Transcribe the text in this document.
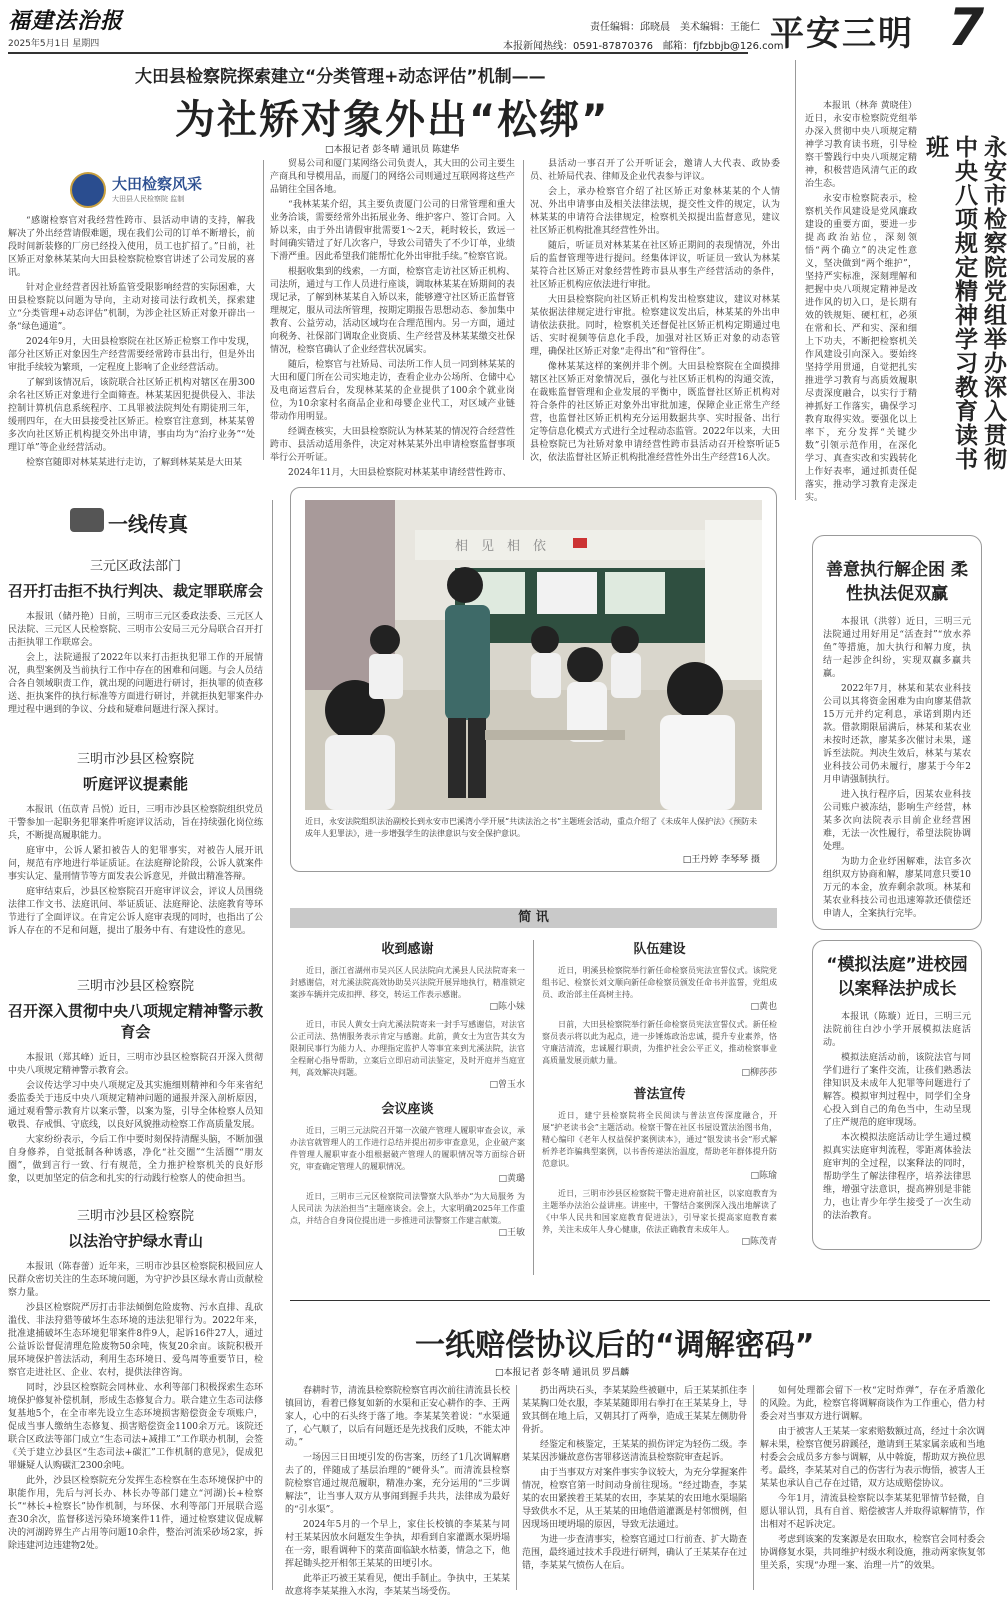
福建法治报
2025年5月1日 星期四
责任编辑：邱晓晨　美术编辑：王能仁
本报新闻热线：0591-87870376　邮箱：fjfzbbjb@126.com
平安三明 7
大田县检察院探索建立“分类管理+动态评估”机制——
为社矫对象外出“松绑”
□本报记者 彭冬晴 通讯员 陈建华
大田检察风采
大田县人民检察院 监制

“感谢检察官对我经营性跨市、县活动申请的支持，解我解决了外出经营请假难题，现在我们公司的订单不断增长，前段时间新装修的厂房已经投入使用，员工也扩招了。”日前，社区矫正对象林某某向大田县检察院检察官讲述了公司发展的喜讯。

针对企业经营者因社矫监管受限影响经营的实际困难，大田县检察院以问题为导向，主动对接司法行政机关，探索建立“分类管理+动态评估”机制，为涉企社区矫正对象开辟出一条“绿色通道”。

2024年9月，大田县检察院在社区矫正检察工作中发现，部分社区矫正对象因生产经营需要经常跨市县出行，但是外出审批手续较为繁琐，一定程度上影响了企业经营活动。

了解到该情况后，该院联合社区矫正机构对辖区在册300余名社区矫正对象进行全面筛查。林某某因犯提供侵入、非法控制计算机信息系统程序、工具罪被法院判处有期徒刑三年，缓刑四年，在大田县接受社区矫正。检察官注意到，林某某曾多次向社区矫正机构提交外出申请，事由均为“治疗业务”“处理订单”等企业经营活动。

检察官随即对林某某进行走访，了解到林某某是大田某

贸易公司和厦门某网络公司负责人，其大田的公司主要生产商具和导模用品，而厦门的网络公司则通过互联网将这些产品销往全国各地。

“我林某某介绍，其主要负责厦门公司的日常管理和重大业务洽谈，需要经常外出拓展业务、维护客户、签订合同。入矫以来，由于外出请假审批需要1～2天，耗时较长，致远一时间确实错过了好几次客户，导致公司错失了不少订单，业绩下滑严重。因此希望我们能帮忙化外出审批手续。”检察官说。

根据收集到的线索，一方面，检察官走访社区矫正机构、司法所，通过与工作人员进行座谈，调取林某某在矫期间的表现记录，了解到林某某自入矫以来，能够遵守社区矫正监督管理规定，服从司法所管理，按期定期报告思想动态、参加集中教育、公益劳动，活动区域均在合理范围内。另一方面，通过向税务、社保部门调取企业资质、生产经营及林某某缴交社保情况，检察官确认了企业经营状况属实。

随后，检察官与社矫局、司法所工作人员一同到林某某的大田和厦门所在公司实地走访，查看企业办公场所、仓储中心及电商运营后台，发现林某某的企业提供了100余个就业岗位，为10余家村名商品企业和母婴企业代工，对区域产业链带动作用明显。

经调查核实，大田县检察院认为林某某的情况符合经营性跨市、县活动适用条件，决定对林某某外出申请检察监督事项举行公开听证。

2024年11月，大田县检察院对林某某申请经营性跨市、

县活动一事召开了公开听证会，邀请人大代表、政协委员、社矫局代表、律师及企业代表参与评议。

会上，承办检察官介绍了社区矫正对象林某某的个人情况、外出申请事由及相关法律法规，提交性文件的规定，认为林某某的申请符合法律规定，检察机关拟提出监督意见，建议社区矫正机构批准其经营性外出。

随后，听证员对林某某在社区矫正期间的表现情况，外出后的监督管理等进行提问。经集体评议，听证员一致认为林某某符合社区矫正对象经营性跨市县从事生产经营活动的条件，社区矫正机构应依法进行审批。

大田县检察院向社区矫正机构发出检察建议，建议对林某某依据法律规定进行审批。检察建议发出后，林某某的外出申请依法获批。同时，检察机关还督促社区矫正机构定期通过电话、实时视频等信息化手段，加强对社区矫正对象的动态管理，确保社区矫正对象“走得出”和“管得住”。

像林某某这样的案例并非个例。大田县检察院在全面摸排辖区社区矫正对象情况后，强化与社区矫正机构的沟通交流，在裁账监督管理和企业发展的平衡中，既监督社区矫正机构对符合条件的社区矫正对象外出审批加速，保障企业正常生产经营，也监督社区矫正机构充分运用数据共享、实时报备、出行定等信息化模式方式进行全过程动态监管。2022年以来，大田县检察院已为社矫对象申请经营性跨市县活动召开检察听证5次，依法监督社区矫正机构批准经营性外出生产经营16人次。

本报讯（林奔 黄晓佳）近日，永安市检察院党组举办深入贯彻中央八项规定精神学习教育读书班，引导检察干警践行中央八项规定精神，积极营造风清气正的政治生态。

永安市检察院表示，检察机关作风建设是党风廉政建设的重要方面，要进一步提高政治站位，深刻领悟“两个确立”的决定性意义，坚决做到“两个维护”，坚持严实标准，深刻理解和把握中央八项规定精神是改进作风的切入口，是长期有效的铁规矩、硬杠杠，必须在常和长、严和实、深和细上下功夫，不断把检察机关作风建设引向深入。要始终坚持学用贯通，自觉把扎实推进学习教育与高质效履职尽责深度融合，以实行于精神抓好工作落实，确保学习教育取得实效。要强化以上率下，充分发挥“关键少数”引领示范作用，在深化学习、真查实改和实践转化上作好表率，通过抓责任促落实，推动学习教育走深走实。

永安市检察院党组举办深入贯彻中央八项规定精神学习教育读书班
善意执行解企困 柔性执法促双赢

本报讯（洪蓉）近日，三明三元法院通过用好用足“活查封”“放水养鱼”等措施，加大执行和解力度，执结一起涉企纠纷，实现双赢多赢共赢。

2022年7月，林某和某农业科技公司以其将资金困难为由向廖某借款15万元并约定利息，承诺到期内还款。借款期限届满后，林某和某农业未按时还款，廖某多次催讨未果，遂诉至法院。判决生效后，林某与某农业科技公司仍未履行，廖某于今年2月申请强制执行。

进入执行程序后，因某农业科技公司账户被冻结，影响生产经营，林某多次向法院表示目前企业经营困难，无法一次性履行，希望法院协调处理。

为助力企业纾困解难，法官多次组织双方协商和解，廖某同意只要10万元的本金，放弃剩余款项。林某和某农业科技公司也迅速筹款还债偿还申请人，全案执行完毕。

“模拟法庭”进校园 以案释法护成长

本报讯（陈璇）近日，三明三元法院前往白沙小学开展模拟法庭活动。

模拟法庭活动前，该院法官与同学们进行了案件交流，让孩们熟悉法律知识及未成年人犯罪等问题进行了解答。模拟审判过程中，同学们全身心投入到自己的角色当中，生动呈现了庄严规范的庭审现场。

本次模拟法庭活动让学生通过模拟真实法庭审判流程，零距离体验法庭审判的全过程，以案释法的同时，帮助学生了解法律程序，培养法律思维，增强守法意识，提高辨别是非能力，也让青少年学生接受了一次生动的法治教育。

一线传真
三元区政法部门
召开打击拒不执行判决、裁定罪联席会

本报讯（储丹艳）日前，三明市三元区委政法委、三元区人民法院、三元区人民检察院、三明市公安局三元分局联合召开打击拒执罪工作联席会。

会上，法院通报了2022年以来打击拒执犯罪工作的开展情况，典型案例及当前执行工作中存在的困难和问题。与会人员结合各自领域职责工作，就出现的问题进行研讨，拒执罪的侦查移送、拒执案件的执行标准等方面进行研讨，并就拒执犯罪案件办理过程中遇到的争议、分歧和疑难问题进行深入探讨。

三明市沙县区检察院
听庭评议提素能

本报讯（伍苡青 吕悦）近日，三明市沙县区检察院组织党员干警参加一起职务犯罪案件听庭评议活动，旨在持续强化岗位练兵，不断提高履职能力。

庭审中，公诉人紧扣被告人的犯罪事实，对被告人展开讯问，规范有序地进行举证质证。在法庭辩论阶段，公诉人就案件事实认定、量刑情节等方面发表公诉意见，并做出精准答辩。

庭审结束后，沙县区检察院召开庭审评议会，评议人员围绕法律工作文书、法庭讯问、举证质证、法庭辩论、法庭教育等环节进行了全面评议。在肯定公诉人庭审表现的同时，也指出了公诉人存在的不足和问题，提出了服务中有、有建设性的意见。

三明市沙县区检察院
召开深入贯彻中央八项规定精神警示教育会

本报讯（郑其峰）近日，三明市沙县区检察院召开深入贯彻中央八项规定精神警示教育会。

会议传达学习中央八项规定及其实施细则精神和今年来省纪委监委关于违反中央八项规定精神问题的通报并深入剖析原因，通过观看警示教育片以案示警，以案为鉴，引导全体检察人员知敬畏、存戒惧、守底线，以良好风貌推动检察工作高质量发展。

大家纷纷表示，今后工作中要时刻保持清醒头脑，不断加强自身修养，自觉抵制各种诱惑，净化“社交圈”“生活圈”“朋友圈”，做到言行一致、行有规范，全力推护检察机关的良好形象，以更加坚定的信念和扎实的行动践行检察人的使命担当。

三明市沙县区检察院
以法治守护绿水青山

本报讯（陈春蕾）近年来，三明市沙县区检察院积极回应人民群众密切关注的生态环境问题，为守护沙县区绿水青山贡献检察力量。

沙县区检察院严厉打击非法倾倒危险废物、污水直排、乱砍滥伐、非法狩猎等破坏生态环境的违法犯罪行为。2022年来，批准逮捕破坏生态环境犯罪案件8件9人，起诉16件27人，通过公益诉讼督促清理危险废物50余吨，恢复20余亩。该院积极开展环境保护普法活动，利用生态环境日、爱鸟周等重要节日，检察官走进社区、企业、农村，提供法律咨询。

同时，沙县区检察院会同林业、水利等部门积极探索生态环境保护修复补偿机制，形成生态修复合力。联合建立生态司法修复基地5个，在全市率先设立生态环境损害赔偿资金专项账户，促成当事人缴纳生态修复、损害赔偿资金1100余万元。该院还联合区政法等部门成立“生态司法+减排工”工作联办机制，会签《关于建立沙县区“生态司法+碳汇”工作机制的意见》，促成犯罪嫌疑人认购碳汇2300余吨。

此外，沙县区检察院充分发挥生态检察在生态环境保护中的职能作用，先后与河长办、林长办等部门建立“河湖)长+检察长”“林长+检察长”协作机制，与环保、水利等部门开展联合巡查30余次，监督移送污染环境案件11件，通过检察建议促成解决的河湖跨界生产占用等问题10余件，整治河流采砂场2家，拆除违建河边违建物2处。

相　见　相　依
近日，永安法院组织法治副校长到永安市巴溪湾小学开展“共读法治之书”主题班会活动，重点介绍了《未成年人保护法》《预防未成年人犯罪法》，进一步增强学生的法律意识与安全保护意识。
□王丹婷 李琴琴 摄
简 讯
收到感谢

近日，浙江省湖州市吴兴区人民法院向尤溪县人民法院寄来一封感谢信，对尤溪法院高效协助吴兴法院开展异地执行，精准锁定案涉车辆并完成扣押、移交，转运工作表示感谢。

□陈小妹

近日，市民人黄女士向尤溪法院寄来一封手写感谢信，对法官公正司法、热情服务表示肯定与感谢。此前，黄女士为宣告其女为限制民事行为能力人、办理指定监护人等事宜来到尤溪法院，法官全程耐心指导帮助，立案后立即启动司法鉴定，及时开庭并当庭宣判，高效解决问题。

□曾玉水
会议座谈

近日，三明三元法院召开第一次破产管理人履职审查会议，承办法官就管理人的工作进行总结并提出初步审查意见，企业破产案件管理人履职审查小组根据破产管理人的履职情况等方面综合研究，审查确定管理人的履职情况。

□黄璐

近日，三明市三元区检察院司法警察大队举办“为大局服务 为人民司法 为法治担当”主题座谈会。会上，大家明确2025年工作重点，并结合自身岗位提出进一步推进司法警察工作建言献策。

□王敏
队伍建设

近日，明溪县检察院举行新任命检察员宪法宣誓仪式。该院党组书记、检察长刘文顺向新任命检察员颁发任命书并监誓，党组成员、政治部主任高树主持。

□黄也

日前，大田县检察院举行新任命检察员宪法宣誓仪式。新任检察员表示将以此为起点，进一步锤炼政治忠诚，提升专业素养，恪守廉洁清流，忠诚履行职责，为推护社会公平正义，推动检察事业高质量发展贡献力量。

□柳莎莎
普法宣传

近日，建宁县检察院将全民阅读与普法宣传深度融合，开展“护老读书会”主题活动。检察干警在社区书屋设置法治图书角，精心编印《老年人权益保护案例读本》，通过“银发读书会”形式解析养老诈骗典型案例，以书香传递法治温度，帮助老年群体提升防范意识。

□陈瑜

近日，三明市沙县区检察院干警走进府前社区，以家庭教育为主题举办法治公益讲座。讲座中，干警结合案例深入浅出地解读了《中华人民共和国家庭教育促进法》，引导家长提高家庭教育素养，关注未成年人身心健康，依法正确教育未成年人。

□陈茂青
一纸赔偿协议后的“调解密码”
□本报记者 彭冬晴 通讯员 罗昌麟

春耕时节，清流县检察院检察官再次前往清流县长校镇回访，看着已修复如新的水渠和正安心耕作的李、王两家人，心中的石头终于落了地。李某某笑着说：“水渠通了，心气顺了，以后有问题还是先找我们反映，不能太冲动。”

一场因三日田埂引发的伤害案，历经了1几次调解磨去了的，伴随成了基层治理的“硬骨头”。而清流县检察院检察官通过规范履职，精准办案，充分运用的“三步调解法”，让当事人双方从事闹到握手共共，法律成为最好的“引水渠”。

2024年5月的一个早上，家住长校镇的李某某与同村王某某因放水问题发生争执，却看到自家灌溉水渠坍塌在一旁，眼看调种下的菜苗面临缺水枯萎，情急之下，他挥起锄头挖开相邻王某某的田埂引水。

此举正巧被王某看见，便出手制止。争执中，王某某故意将李某某推入水沟，李某某当场受伤。

扔出两块石头，李某某险些被砸中，后王某某抓住李某某胸口处衣服，李某某随即用右拳打在王某某身上，导致其倒在地上后，又朝其打了两拳，造成王某某左侧肋骨骨折。

经鉴定和核鉴定，王某某的损伤评定为轻伤二级。李某某因涉嫌故意伤害罪移送清流县检察院审查起诉。

由于当事双方对案件事实争议较大，为充分掌握案件情况，检察官第一时间动身前往现场。“经过勘查，李某某的农田紧挨着王某某的农田，李某某的农田地水渠塌陷导致供水不足，从王某某的田地借道灌溉是村邻惯例，但因现场田埂坍塌的原因，导致无法通过。

为进一步查清事实，检察官通过口行前查、扩大勘查范围，最终通过技术手段进行研判，确认了王某某存在过错，李某某气愤伤人在后。

如何处理都会留下一枚“定时炸弹”，存在矛盾激化的风险。为此，检察官将调解商谈作为工作重心，借力村委会对当事双方进行调解。

由于被害人王某某一家索赔数额过高，经过十余次调解未果，检察官便另辟蹊径，邀请到王某家属亲戚和当地村委会会成员多方参与调解，从中斡旋，帮助双方换位思考。最终，李某某对自己的伤害行为表示悔悟，被害人王某某也承认自己存在过错，双方达成赔偿协议。

今年1月，清流县检察院以李某某犯罪情节轻微，自愿认罪认罚，具有自首、赔偿被害人并取得谅解情节，作出相对不起诉决定。

考虑到该案的发案源是农田取水，检察官会同村委会协调修复水渠，共同维护村级水利设施，推动两家恢复邻里关系，实现“办理一案、治理一片”的效果。
